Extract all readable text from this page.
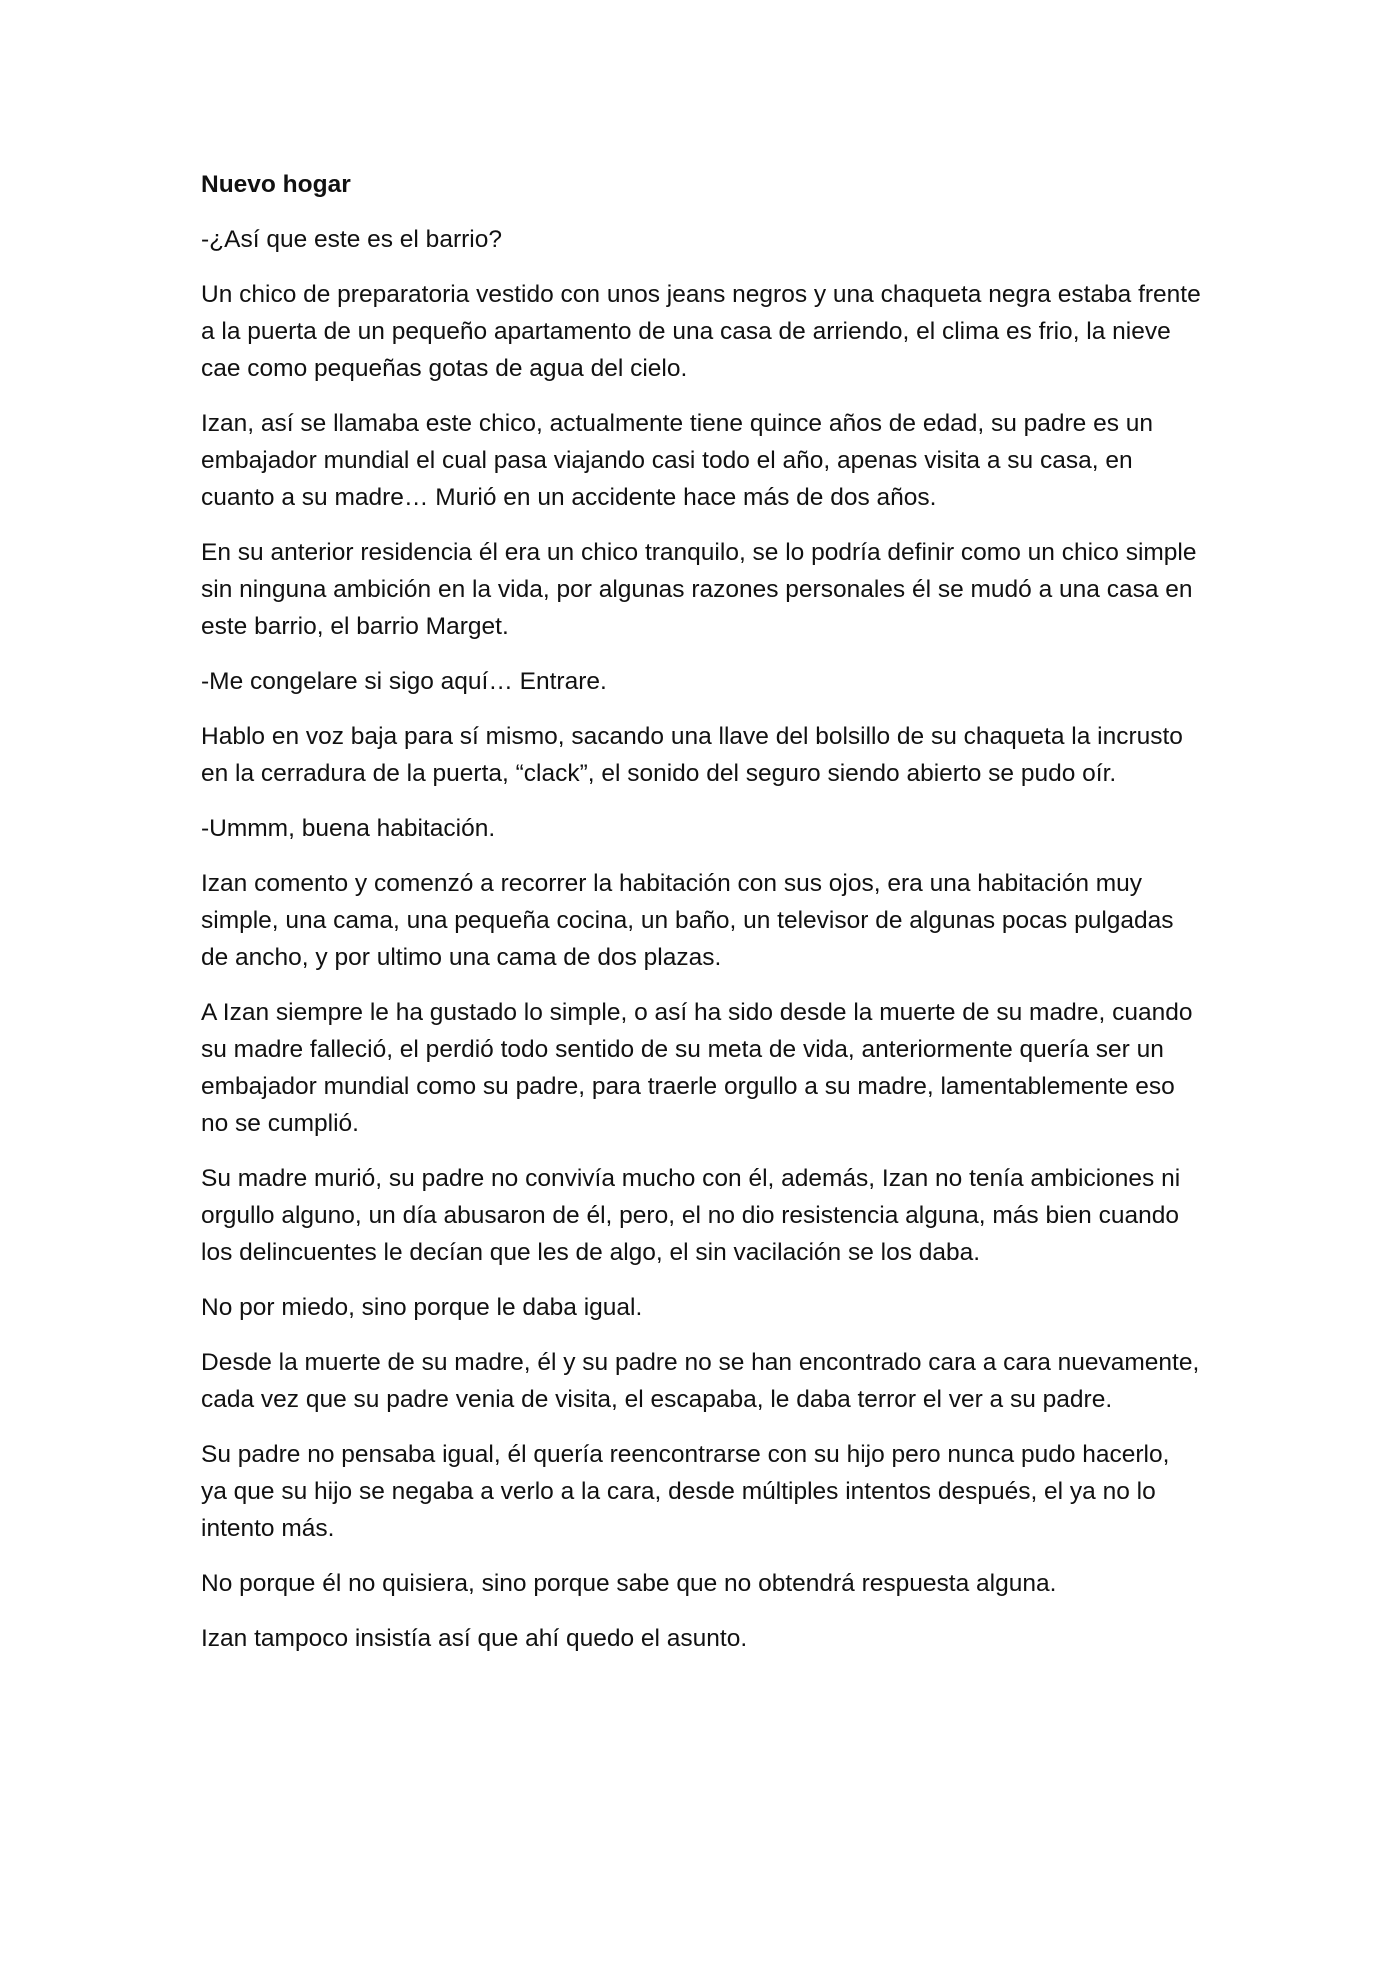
Nuevo hogar

-¿Así que este es el barrio?

Un chico de preparatoria vestido con unos jeans negros y una chaqueta negra estaba frente a la puerta de un pequeño apartamento de una casa de arriendo, el clima es frio, la nieve cae como pequeñas gotas de agua del cielo.

Izan, así se llamaba este chico, actualmente tiene quince años de edad, su padre es un embajador mundial el cual pasa viajando casi todo el año, apenas visita a su casa, en cuanto a su madre… Murió en un accidente hace más de dos años.

En su anterior residencia él era un chico tranquilo, se lo podría definir como un chico simple sin ninguna ambición en la vida, por algunas razones personales él se mudó a una casa en este barrio, el barrio Marget.

-Me congelare si sigo aquí… Entrare.

Hablo en voz baja para sí mismo, sacando una llave del bolsillo de su chaqueta la incrusto en la cerradura de la puerta, “clack”, el sonido del seguro siendo abierto se pudo oír.

-Ummm, buena habitación.

Izan comento y comenzó a recorrer la habitación con sus ojos, era una habitación muy simple, una cama, una pequeña cocina, un baño, un televisor de algunas pocas pulgadas de ancho, y por ultimo una cama de dos plazas.

A Izan siempre le ha gustado lo simple, o así ha sido desde la muerte de su madre, cuando su madre falleció, el perdió todo sentido de su meta de vida, anteriormente quería ser un embajador mundial como su padre, para traerle orgullo a su madre, lamentablemente eso no se cumplió.

Su madre murió, su padre no convivía mucho con él, además, Izan no tenía ambiciones ni orgullo alguno, un día abusaron de él, pero, el no dio resistencia alguna, más bien cuando los delincuentes le decían que les de algo, el sin vacilación se los daba.

No por miedo, sino porque le daba igual.

Desde la muerte de su madre, él y su padre no se han encontrado cara a cara nuevamente, cada vez que su padre venia de visita, el escapaba, le daba terror el ver a su padre.

Su padre no pensaba igual, él quería reencontrarse con su hijo pero nunca pudo hacerlo, ya que su hijo se negaba a verlo a la cara, desde múltiples intentos después, el ya no lo intento más.

No porque él no quisiera, sino porque sabe que no obtendrá respuesta alguna.

Izan tampoco insistía así que ahí quedo el asunto.
